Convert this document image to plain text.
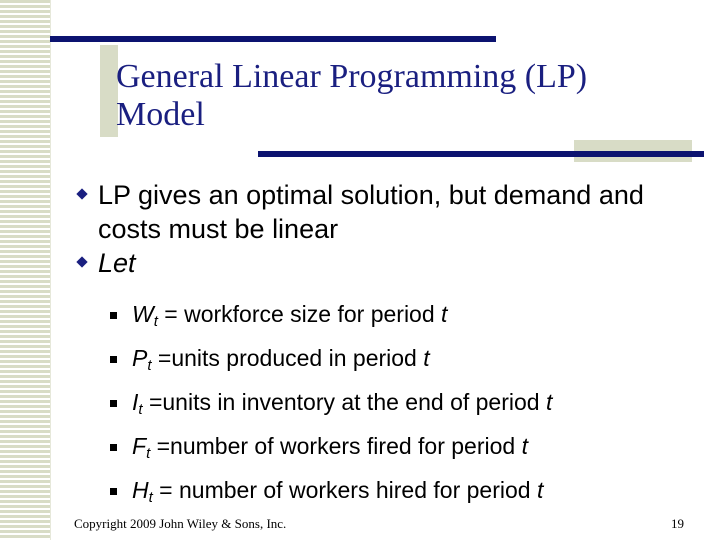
General Linear Programming (LP)
Model
LP gives an optimal solution, but demand and costs must be linear
Let
$W_t$ = workforce size for period t
$P_t$ =units produced in period t
$I_t$ =units in inventory at the end of period t
$F_t$ =number of workers fired for period t
$H_t$ = number of workers hired for period t
Copyright 2009 John Wiley & Sons, Inc.	19
